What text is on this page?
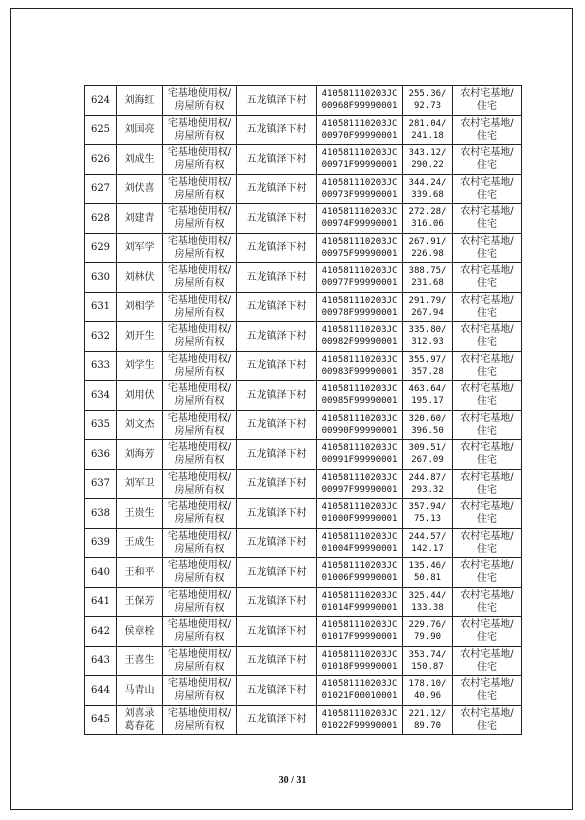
624	刘海红	宅基地使用权/
房屋所有权	五龙镇泽下村	410581110203JC
00968F99990001	255.36/
92.73	农村宅基地/
住宅
625	刘国亮	宅基地使用权/
房屋所有权	五龙镇泽下村	410581110203JC
00970F99990001	281.04/
241.18	农村宅基地/
住宅
626	刘成生	宅基地使用权/
房屋所有权	五龙镇泽下村	410581110203JC
00971F99990001	343.12/
290.22	农村宅基地/
住宅
627	刘伏喜	宅基地使用权/
房屋所有权	五龙镇泽下村	410581110203JC
00973F99990001	344.24/
339.68	农村宅基地/
住宅
628	刘建青	宅基地使用权/
房屋所有权	五龙镇泽下村	410581110203JC
00974F99990001	272.28/
316.06	农村宅基地/
住宅
629	刘军学	宅基地使用权/
房屋所有权	五龙镇泽下村	410581110203JC
00975F99990001	267.91/
226.98	农村宅基地/
住宅
630	刘林伏	宅基地使用权/
房屋所有权	五龙镇泽下村	410581110203JC
00977F99990001	388.75/
231.68	农村宅基地/
住宅
631	刘相学	宅基地使用权/
房屋所有权	五龙镇泽下村	410581110203JC
00978F99990001	291.79/
267.94	农村宅基地/
住宅
632	刘开生	宅基地使用权/
房屋所有权	五龙镇泽下村	410581110203JC
00982F99990001	335.80/
312.93	农村宅基地/
住宅
633	刘学生	宅基地使用权/
房屋所有权	五龙镇泽下村	410581110203JC
00983F99990001	355.97/
357.28	农村宅基地/
住宅
634	刘用伏	宅基地使用权/
房屋所有权	五龙镇泽下村	410581110203JC
00985F99990001	463.64/
195.17	农村宅基地/
住宅
635	刘文杰	宅基地使用权/
房屋所有权	五龙镇泽下村	410581110203JC
00990F99990001	320.60/
396.50	农村宅基地/
住宅
636	刘海芳	宅基地使用权/
房屋所有权	五龙镇泽下村	410581110203JC
00991F99990001	309.51/
267.09	农村宅基地/
住宅
637	刘军卫	宅基地使用权/
房屋所有权	五龙镇泽下村	410581110203JC
00997F99990001	244.87/
293.32	农村宅基地/
住宅
638	王贵生	宅基地使用权/
房屋所有权	五龙镇泽下村	410581110203JC
01000F99990001	357.94/
75.13	农村宅基地/
住宅
639	王成生	宅基地使用权/
房屋所有权	五龙镇泽下村	410581110203JC
01004F99990001	244.57/
142.17	农村宅基地/
住宅
640	王和平	宅基地使用权/
房屋所有权	五龙镇泽下村	410581110203JC
01006F99990001	135.46/
50.81	农村宅基地/
住宅
641	王保芳	宅基地使用权/
房屋所有权	五龙镇泽下村	410581110203JC
01014F99990001	325.44/
133.38	农村宅基地/
住宅
642	侯章栓	宅基地使用权/
房屋所有权	五龙镇泽下村	410581110203JC
01017F99990001	229.76/
79.90	农村宅基地/
住宅
643	王喜生	宅基地使用权/
房屋所有权	五龙镇泽下村	410581110203JC
01018F99990001	353.74/
150.87	农村宅基地/
住宅
644	马青山	宅基地使用权/
房屋所有权	五龙镇泽下村	410581110203JC
01021F00010001	178.10/
40.96	农村宅基地/
住宅
645	刘喜录
葛春花	宅基地使用权/
房屋所有权	五龙镇泽下村	410581110203JC
01022F99990001	221.12/
89.70	农村宅基地/
住宅
30 / 31
